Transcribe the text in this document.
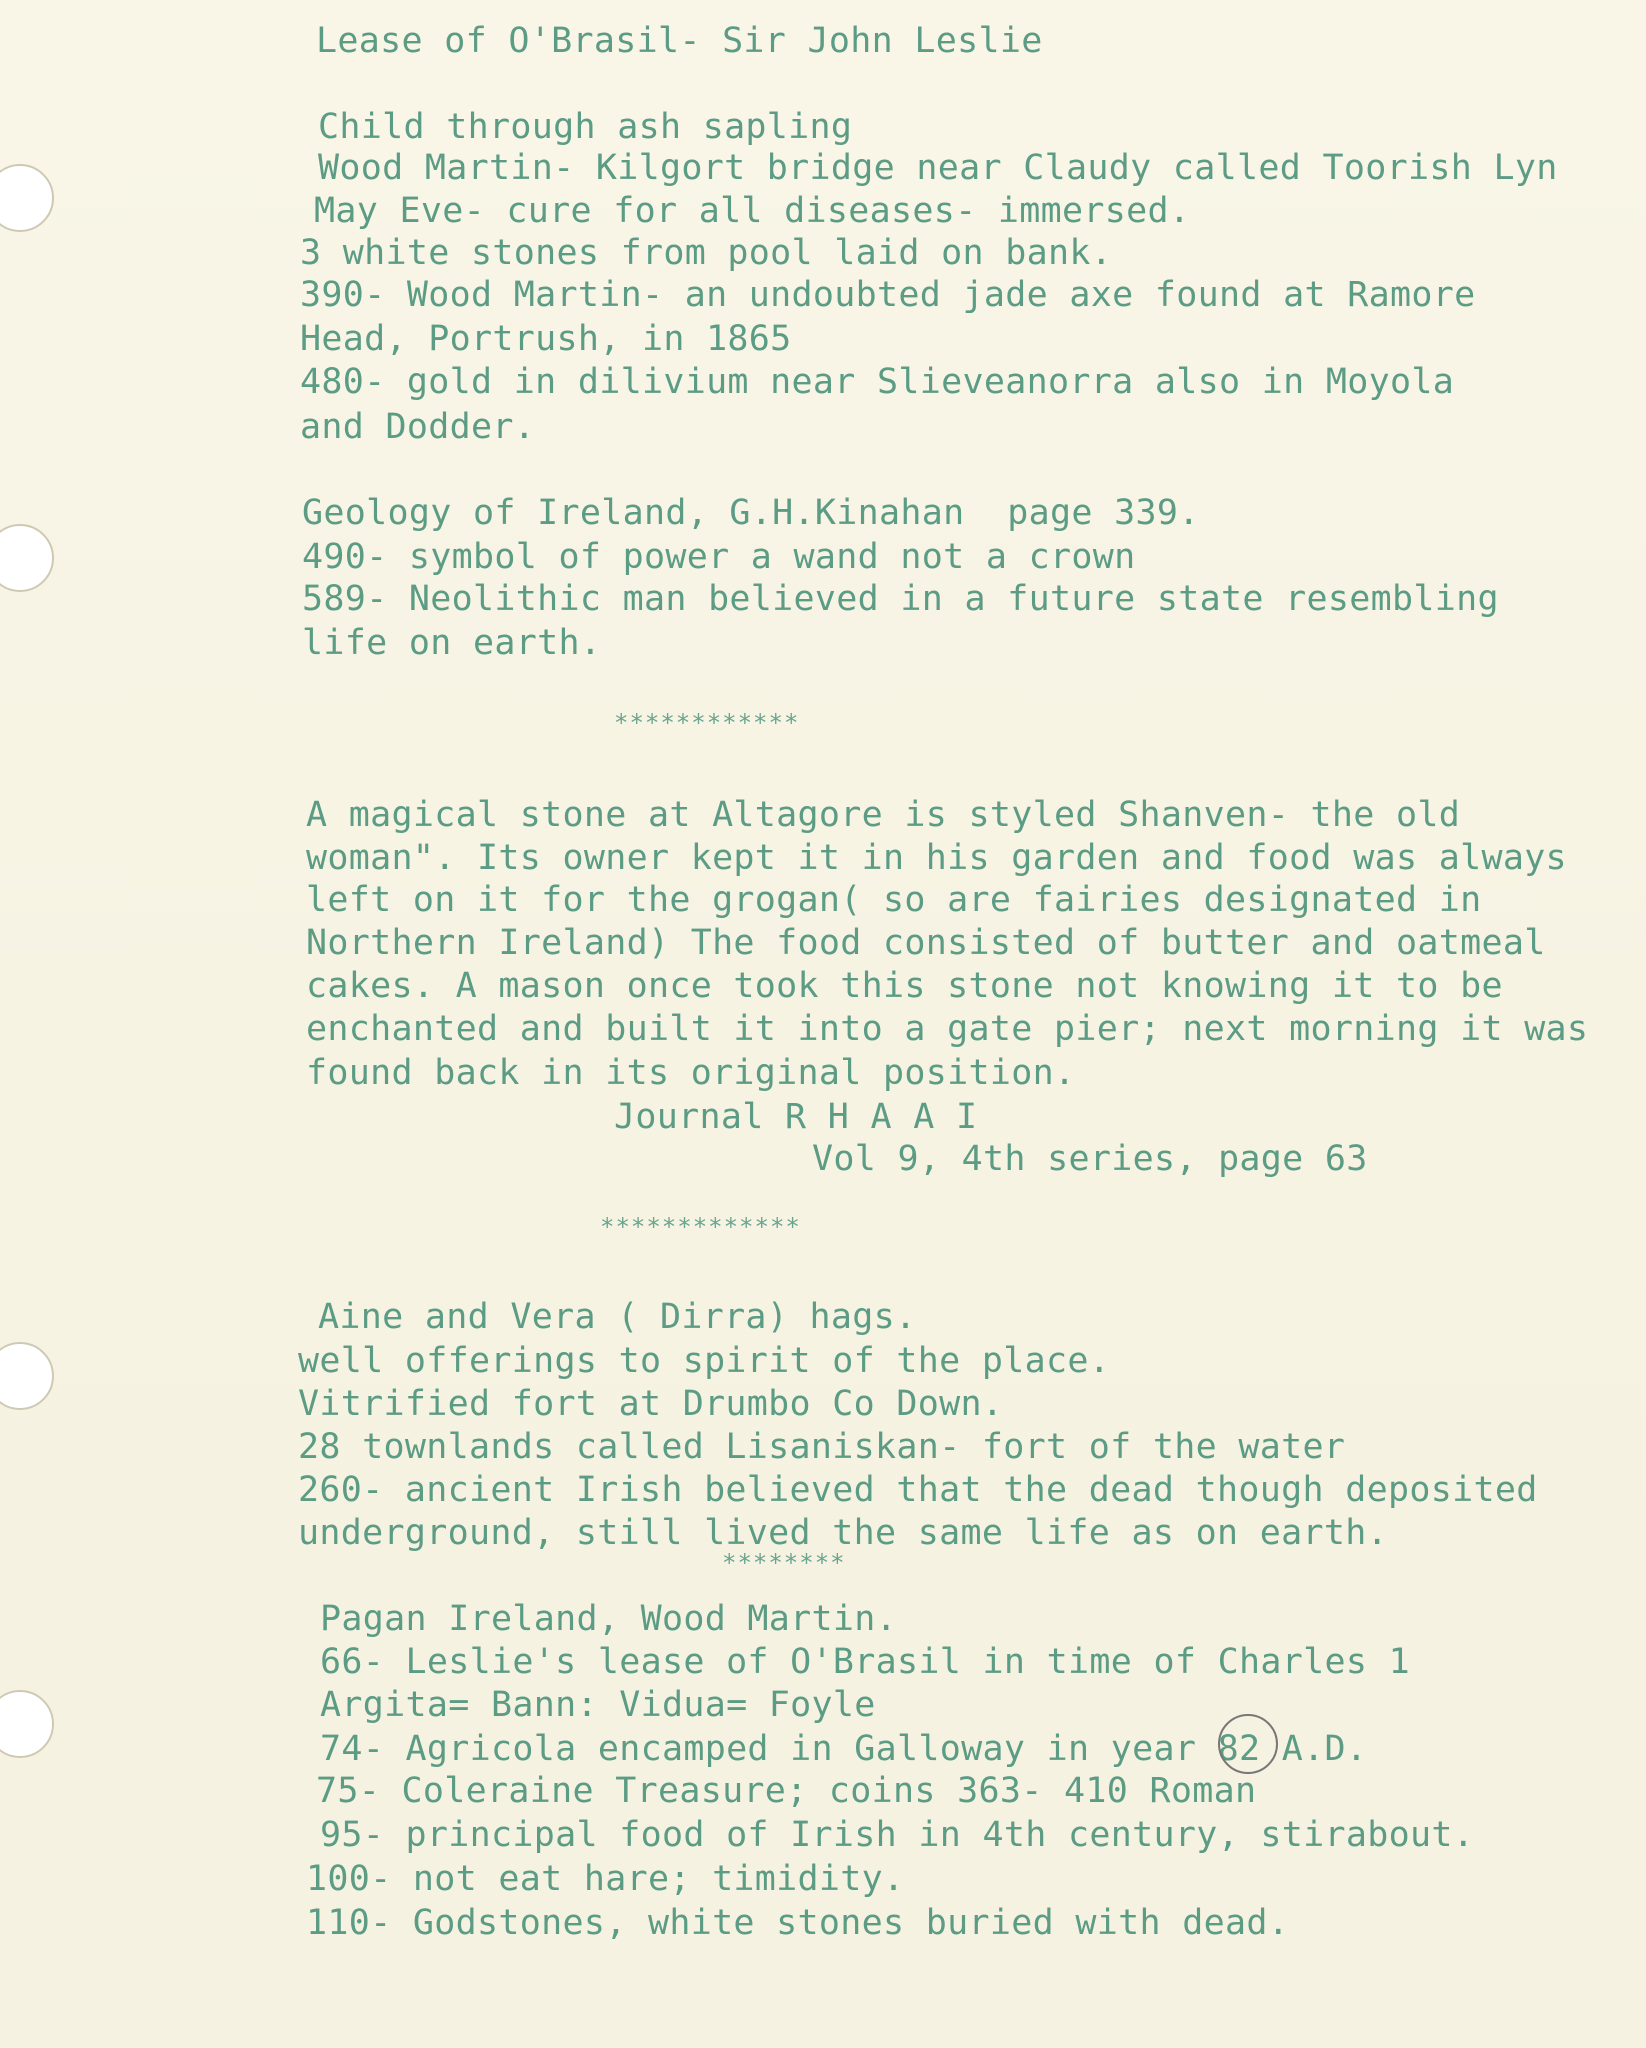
Lease of O'Brasil- Sir John Leslie
Child through ash sapling
Wood Martin- Kilgort bridge near Claudy called Toorish Lyn
May Eve- cure for all diseases- immersed.
3 white stones from pool laid on bank.
390- Wood Martin- an undoubted jade axe found at Ramore
Head, Portrush, in 1865
480- gold in dilivium near Slieveanorra also in Moyola
and Dodder.
Geology of Ireland, G.H.Kinahan  page 339.
490- symbol of power a wand not a crown
589- Neolithic man believed in a future state resembling
life on earth.
************
A magical stone at Altagore is styled Shanven- the old
woman". Its owner kept it in his garden and food was always
left on it for the grogan( so are fairies designated in
Northern Ireland) The food consisted of butter and oatmeal
cakes. A mason once took this stone not knowing it to be
enchanted and built it into a gate pier; next morning it was
found back in its original position.
Journal R H A A I
Vol 9, 4th series, page 63
*************
Aine and Vera ( Dirra) hags.
well offerings to spirit of the place.
Vitrified fort at Drumbo Co Down.
28 townlands called Lisaniskan- fort of the water
260- ancient Irish believed that the dead though deposited
underground, still lived the same life as on earth.
********
Pagan Ireland, Wood Martin.
66- Leslie's lease of O'Brasil in time of Charles 1
Argita= Bann: Vidua= Foyle
74- Agricola encamped in Galloway in year 82 A.D.
75- Coleraine Treasure; coins 363- 410 Roman
95- principal food of Irish in 4th century, stirabout.
100- not eat hare; timidity.
110- Godstones, white stones buried with dead.
